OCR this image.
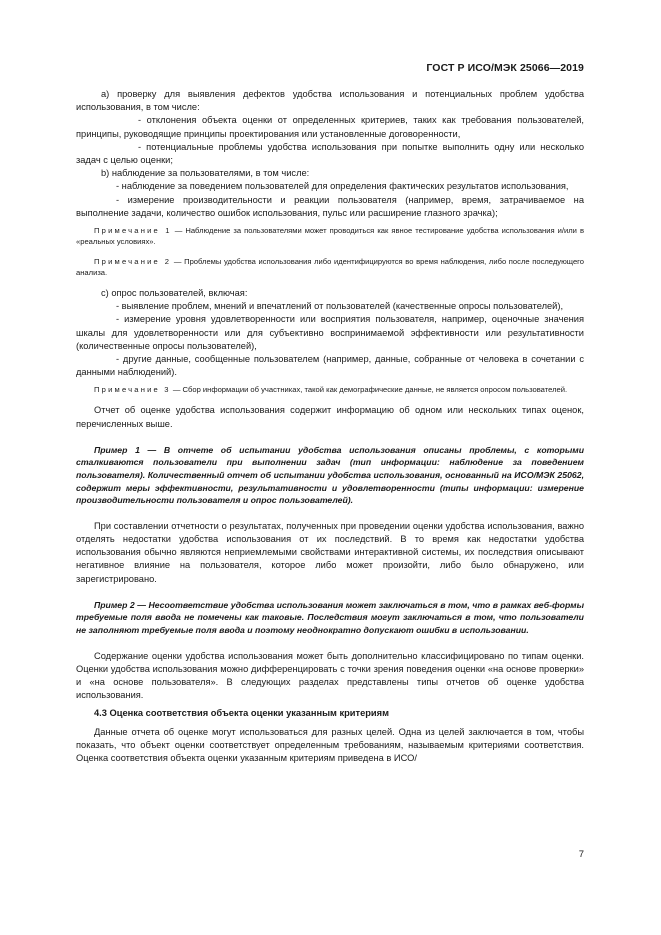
ГОСТ Р ИСО/МЭК 25066—2019

а) проверку для выявления дефектов удобства использования и потенциальных проблем удобства использования, в том числе:

- отклонения объекта оценки от определенных критериев, таких как требования пользователей, принципы, руководящие принципы проектирования или установленные договоренности,

- потенциальные проблемы удобства использования при попытке выполнить одну или несколько задач с целью оценки;

b) наблюдение за пользователями, в том числе:

- наблюдение за поведением пользователей для определения фактических результатов использования,

- измерение производительности и реакции пользователя (например, время, затрачиваемое на выполнение задачи, количество ошибок использования, пульс или расширение глазного зрачка);

Примечание 1 — Наблюдение за пользователями может проводиться как явное тестирование удобства использования и/или в «реальных условиях».

Примечание 2 — Проблемы удобства использования либо идентифицируются во время наблюдения, либо после последующего анализа.

с) опрос пользователей, включая:

- выявление проблем, мнений и впечатлений от пользователей (качественные опросы пользователей),

- измерение уровня удовлетворенности или восприятия пользователя, например, оценочные значения шкалы для удовлетворенности или для субъективно воспринимаемой эффективности или результативности (количественные опросы пользователей),

- другие данные, сообщенные пользователем (например, данные, собранные от человека в сочетании с данными наблюдений).

Примечание 3 — Сбор информации об участниках, такой как демографические данные, не является опросом пользователей.

Отчет об оценке удобства использования содержит информацию об одном или нескольких типах оценок, перечисленных выше.

Пример 1 — В отчете об испытании удобства использования описаны проблемы, с которыми сталкиваются пользователи при выполнении задач (тип информации: наблюдение за поведением пользователя). Количественный отчет об испытании удобства использования, основанный на ИСО/МЭК 25062, содержит меры эффективности, результативности и удовлетворенности (типы информации: измерение производительности пользователя и опрос пользователей).

При составлении отчетности о результатах, полученных при проведении оценки удобства использования, важно отделять недостатки удобства использования от их последствий. В то время как недостатки удобства использования обычно являются неприемлемыми свойствами интерактивной системы, их последствия описывают негативное влияние на пользователя, которое либо может произойти, либо было обнаружено, или зарегистрировано.

Пример 2 — Несоответствие удобства использования может заключаться в том, что в рамках веб-формы требуемые поля ввода не помечены как таковые. Последствия могут заключаться в том, что пользователи не заполняют требуемые поля ввода и поэтому неоднократно допускают ошибки в использовании.

Содержание оценки удобства использования может быть дополнительно классифицировано по типам оценки. Оценки удобства использования можно дифференцировать с точки зрения поведения оценки «на основе проверки» и «на основе пользователя». В следующих разделах представлены типы отчетов об оценке удобства использования.

4.3 Оценка соответствия объекта оценки указанным критериям

Данные отчета об оценке могут использоваться для разных целей. Одна из целей заключается в том, чтобы показать, что объект оценки соответствует определенным требованиям, называемым критериями соответствия. Оценка соответствия объекта оценки указанным критериям приведена в ИСО/

7
